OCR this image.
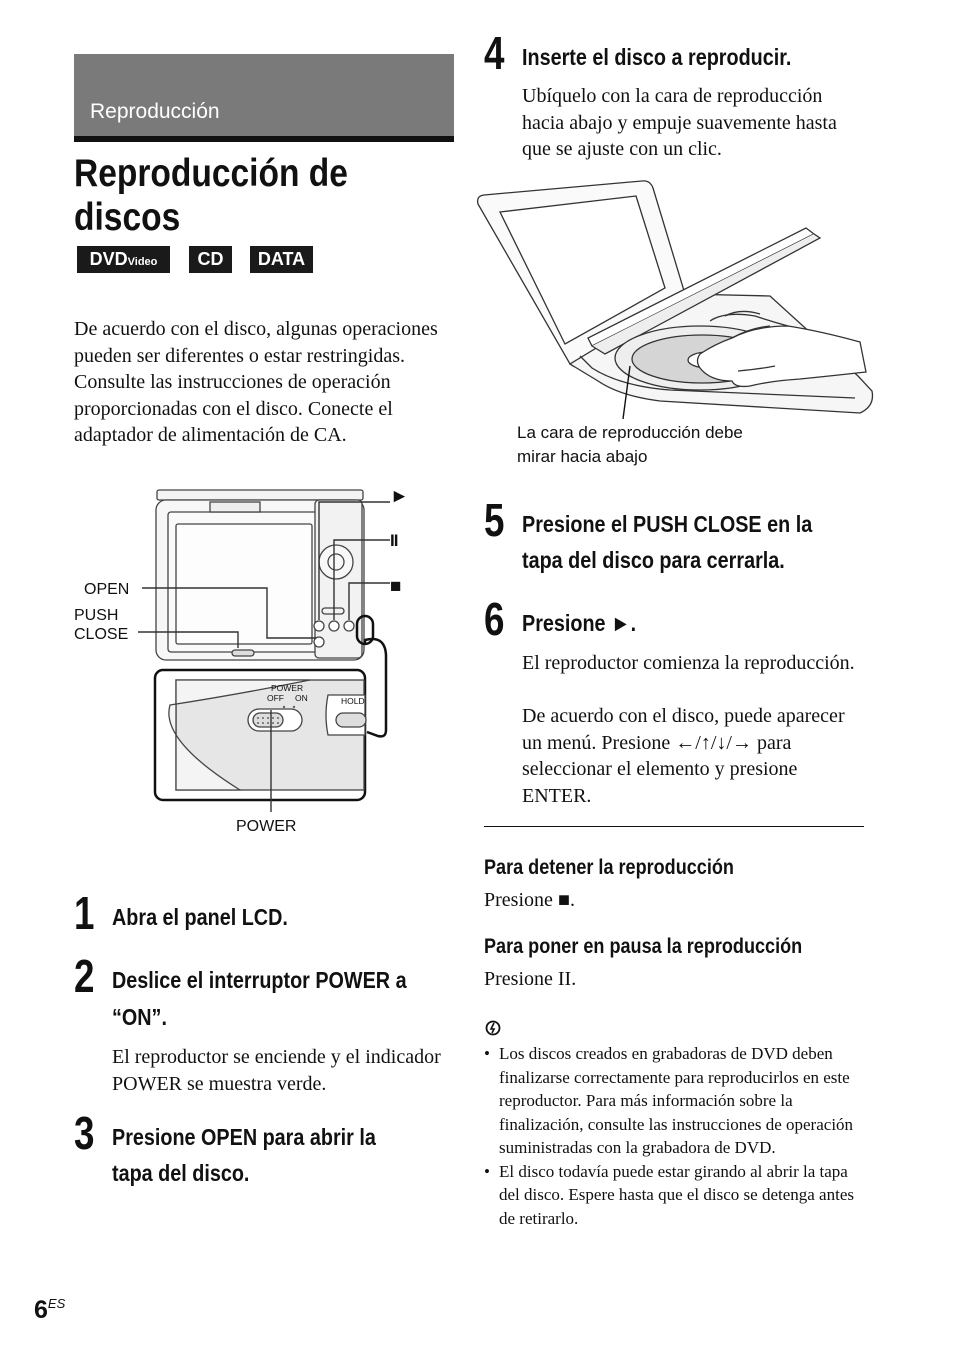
Reproducción
Reproducción de discos
DVDVideo	CD	DATA
De acuerdo con el disco, algunas operaciones pueden ser diferentes o estar restringidas. Consulte las instrucciones de operación proporcionadas con el disco. Conecte el adaptador de alimentación de CA.
OPEN
PUSH
CLOSE
POWER
POWER
OFF ON	HOLD
►
II
■
1 Abra el panel LCD.
2 Deslice el interruptor POWER a
“ON”.
El reproductor se enciende y el indicador POWER se muestra verde.
3 Presione OPEN para abrir la
tapa del disco.
4 Inserte el disco a reproducir.
Ubíquelo con la cara de reproducción hacia abajo y empuje suavemente hasta que se ajuste con un clic.
La cara de reproducción debe
mirar hacia abajo
5 Presione el PUSH CLOSE en la
tapa del disco para cerrarla.
6 Presione ►.
El reproductor comienza la reproducción.
De acuerdo con el disco, puede aparecer un menú. Presione ←/↑/↓/→ para seleccionar el elemento y presione ENTER.
Para detener la reproducción
Presione ■.
Para poner en pausa la reproducción
Presione II.
• Los discos creados en grabadoras de DVD deben finalizarse correctamente para reproducirlos en este reproductor. Para más información sobre la finalización, consulte las instrucciones de operación suministradas con la grabadora de DVD.
• El disco todavía puede estar girando al abrir la tapa del disco. Espere hasta que el disco se detenga antes de retirarlo.
$6^{ES}$
